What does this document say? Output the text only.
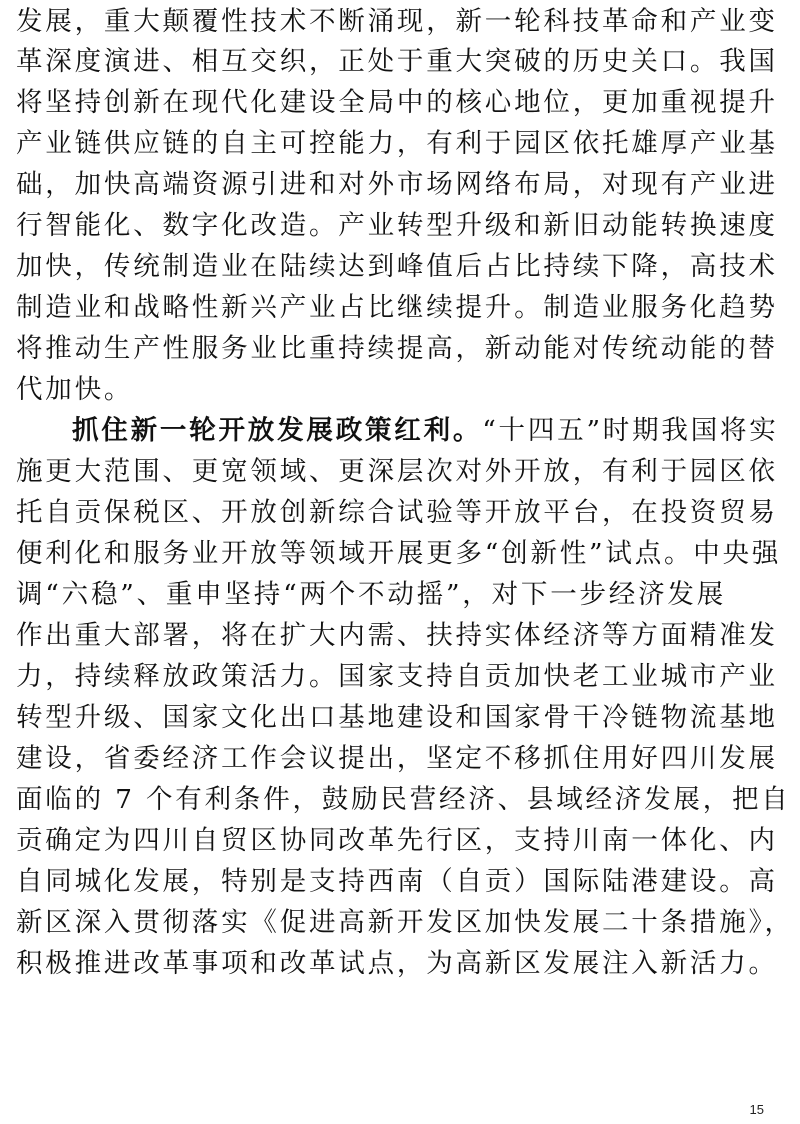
发展，重大颠覆性技术不断涌现，新一轮科技革命和产业变
革深度演进、相互交织，正处于重大突破的历史关口。我国
将坚持创新在现代化建设全局中的核心地位，更加重视提升
产业链供应链的自主可控能力，有利于园区依托雄厚产业基
础，加快高端资源引进和对外市场网络布局，对现有产业进
行智能化、数字化改造。产业转型升级和新旧动能转换速度
加快，传统制造业在陆续达到峰值后占比持续下降，高技术
制造业和战略性新兴产业占比继续提升。制造业服务化趋势
将推动生产性服务业比重持续提高，新动能对传统动能的替
代加快。
抓住新一轮开放发展政策红利。“十四五”时期我国将实
施更大范围、更宽领域、更深层次对外开放，有利于园区依
托自贡保税区、开放创新综合试验等开放平台，在投资贸易
便利化和服务业开放等领域开展更多“创新性”试点。中央强
调“六稳”、重申坚持“两个不动摇”，对下一步经济发展
作出重大部署，将在扩大内需、扶持实体经济等方面精准发
力，持续释放政策活力。国家支持自贡加快老工业城市产业
转型升级、国家文化出口基地建设和国家骨干冷链物流基地
建设，省委经济工作会议提出，坚定不移抓住用好四川发展
面临的 7 个有利条件，鼓励民营经济、县域经济发展，把自
贡确定为四川自贸区协同改革先行区，支持川南一体化、内
自同城化发展，特别是支持西南（自贡）国际陆港建设。高
新区深入贯彻落实《促进高新开发区加快发展二十条措施》，
积极推进改革事项和改革试点，为高新区发展注入新活力。
15
